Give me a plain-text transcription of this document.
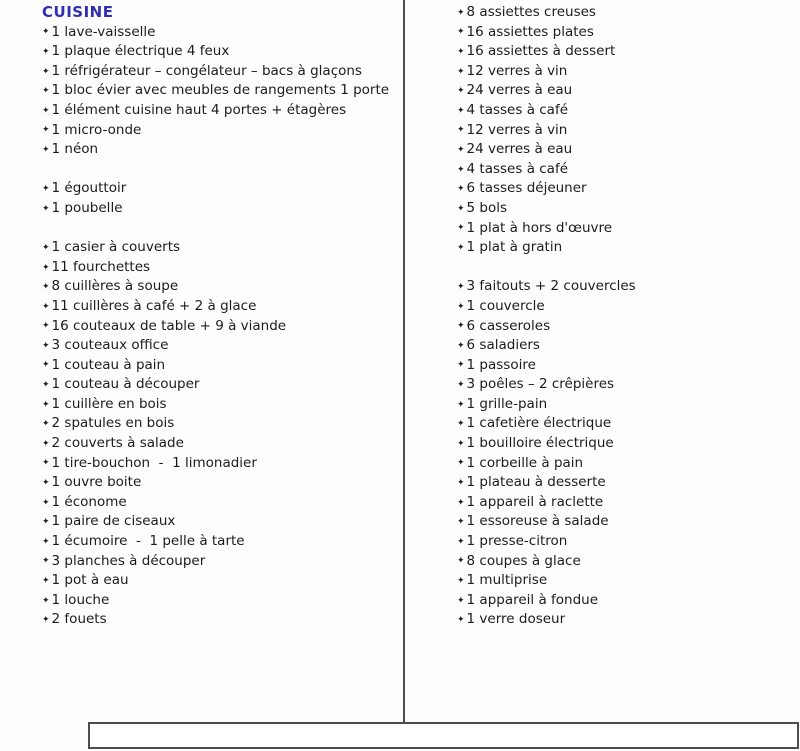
CUISINE
✦ 1 lave-vaisselle
✦ 1 plaque électrique 4 feux
✦ 1 réfrigérateur – congélateur – bacs à glaçons
✦ 1 bloc évier avec meubles de rangements 1 porte
✦ 1 élément cuisine haut 4 portes + étagères
✦ 1 micro-onde
✦ 1 néon
✦ 1 égouttoir
✦ 1 poubelle
✦ 1 casier à couverts
✦ 11 fourchettes
✦ 8 cuillères à soupe
✦ 11 cuillères à café + 2 à glace
✦ 16 couteaux de table + 9 à viande
✦ 3 couteaux office
✦ 1 couteau à pain
✦ 1 couteau à découper
✦ 1 cuillère en bois
✦ 2 spatules en bois
✦ 2 couverts à salade
✦ 1 tire-bouchon  -  1 limonadier
✦ 1 ouvre boite
✦ 1 économe
✦ 1 paire de ciseaux
✦ 1 écumoire  -  1 pelle à tarte
✦ 3 planches à découper
✦ 1 pot à eau
✦ 1 louche
✦ 2 fouets
✦ 8 assiettes creuses
✦ 16 assiettes plates
✦ 16 assiettes à dessert
✦ 12 verres à vin
✦ 24 verres à eau
✦ 4 tasses à café
✦ 12 verres à vin
✦ 24 verres à eau
✦ 4 tasses à café
✦ 6 tasses déjeuner
✦ 5 bols
✦ 1 plat à hors d'œuvre
✦ 1 plat à gratin
✦ 3 faitouts + 2 couvercles
✦ 1 couvercle
✦ 6 casseroles
✦ 6 saladiers
✦ 1 passoire
✦ 3 poêles – 2 crêpières
✦ 1 grille-pain
✦ 1 cafetière électrique
✦ 1 bouilloire électrique
✦ 1 corbeille à pain
✦ 1 plateau à desserte
✦ 1 appareil à raclette
✦ 1 essoreuse à salade
✦ 1 presse-citron
✦ 8 coupes à glace
✦ 1 multiprise
✦ 1 appareil à fondue
✦ 1 verre doseur
